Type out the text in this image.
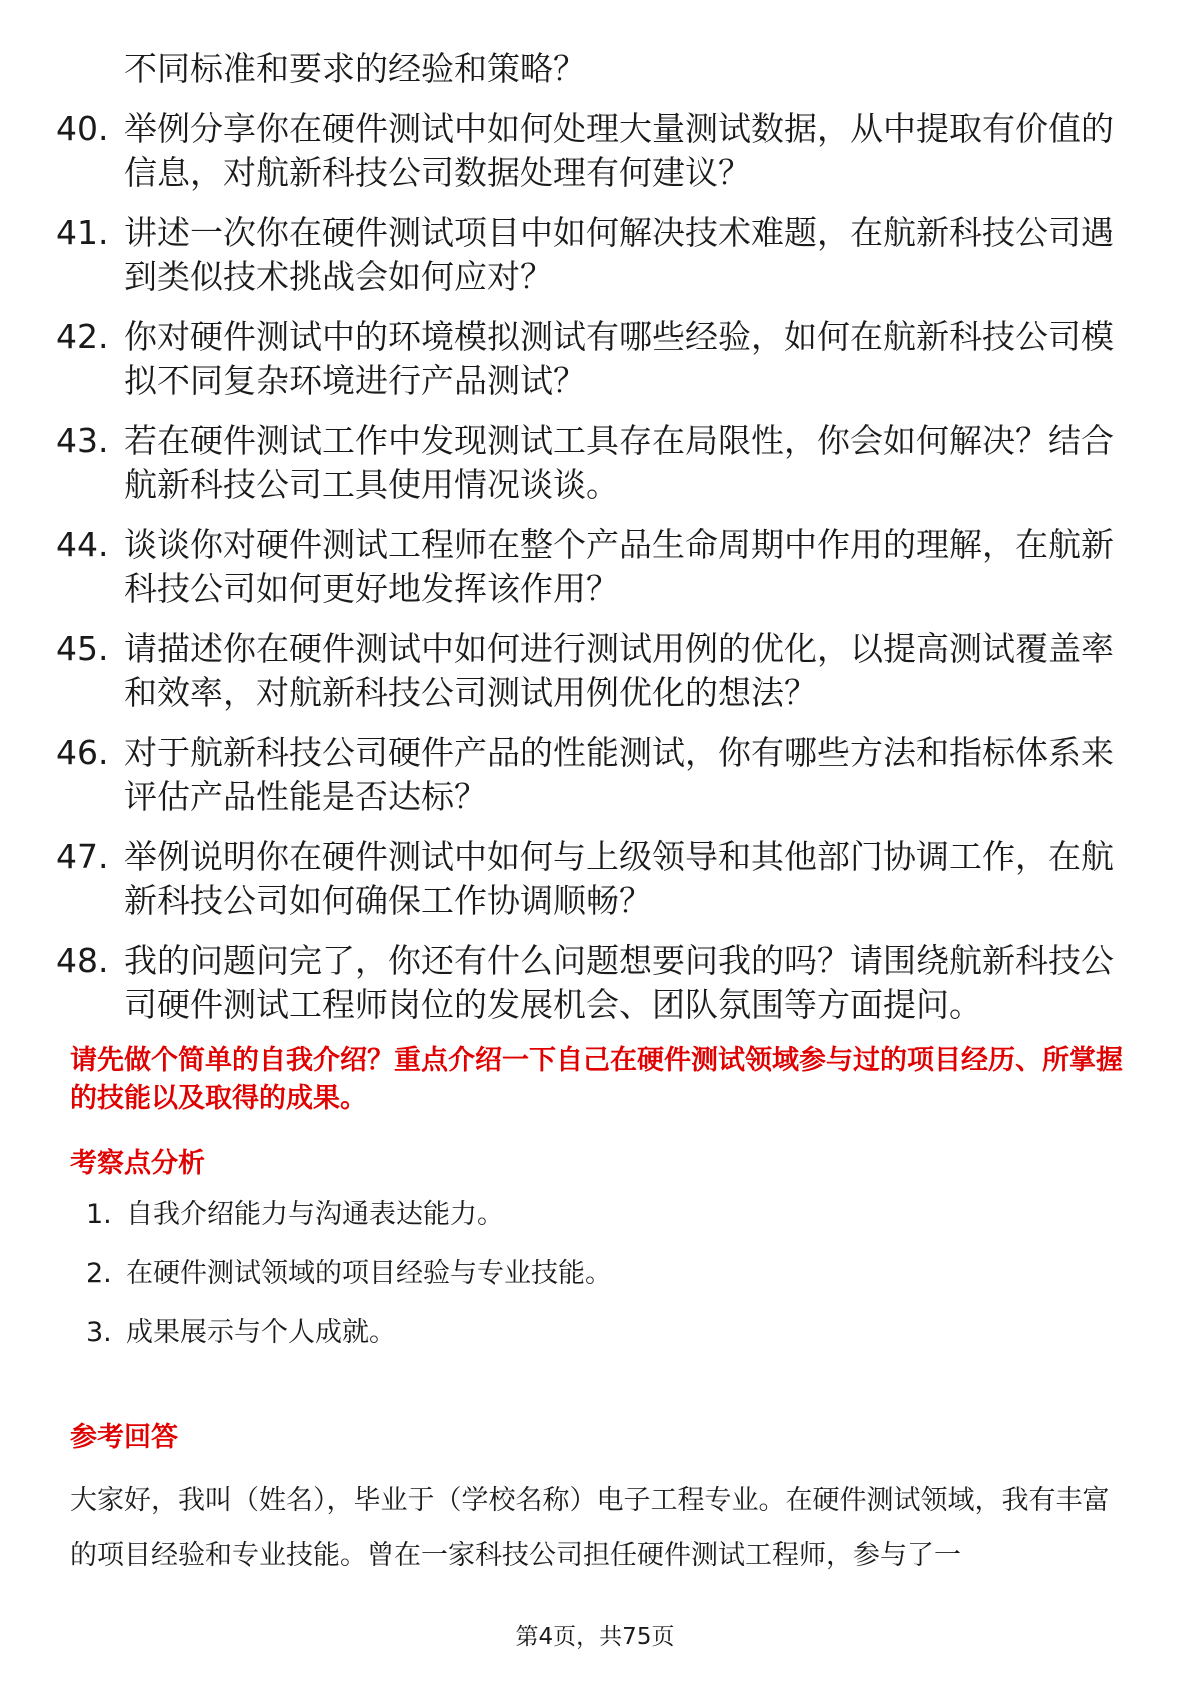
不同标准和要求的经验和策略？
40. 举例分享你在硬件测试中如何处理大量测试数据，从中提取有价值的信息，对航新科技公司数据处理有何建议？
41. 讲述一次你在硬件测试项目中如何解决技术难题，在航新科技公司遇到类似技术挑战会如何应对？
42. 你对硬件测试中的环境模拟测试有哪些经验，如何在航新科技公司模拟不同复杂环境进行产品测试？
43. 若在硬件测试工作中发现测试工具存在局限性，你会如何解决？结合航新科技公司工具使用情况谈谈。
44. 谈谈你对硬件测试工程师在整个产品生命周期中作用的理解，在航新科技公司如何更好地发挥该作用？
45. 请描述你在硬件测试中如何进行测试用例的优化，以提高测试覆盖率和效率，对航新科技公司测试用例优化的想法？
46. 对于航新科技公司硬件产品的性能测试，你有哪些方法和指标体系来评估产品性能是否达标？
47. 举例说明你在硬件测试中如何与上级领导和其他部门协调工作，在航新科技公司如何确保工作协调顺畅？
48. 我的问题问完了，你还有什么问题想要问我的吗？请围绕航新科技公司硬件测试工程师岗位的发展机会、团队氛围等方面提问。
请先做个简单的自我介绍？重点介绍一下自己在硬件测试领域参与过的项目经历、所掌握的技能以及取得的成果。
考察点分析
1. 自我介绍能力与沟通表达能力。
2. 在硬件测试领域的项目经验与专业技能。
3. 成果展示与个人成就。
参考回答
大家好，我叫（姓名），毕业于（学校名称）电子工程专业。在硬件测试领域，我有丰富的项目经验和专业技能。曾在一家科技公司担任硬件测试工程师，参与了一
第4页，共75页
